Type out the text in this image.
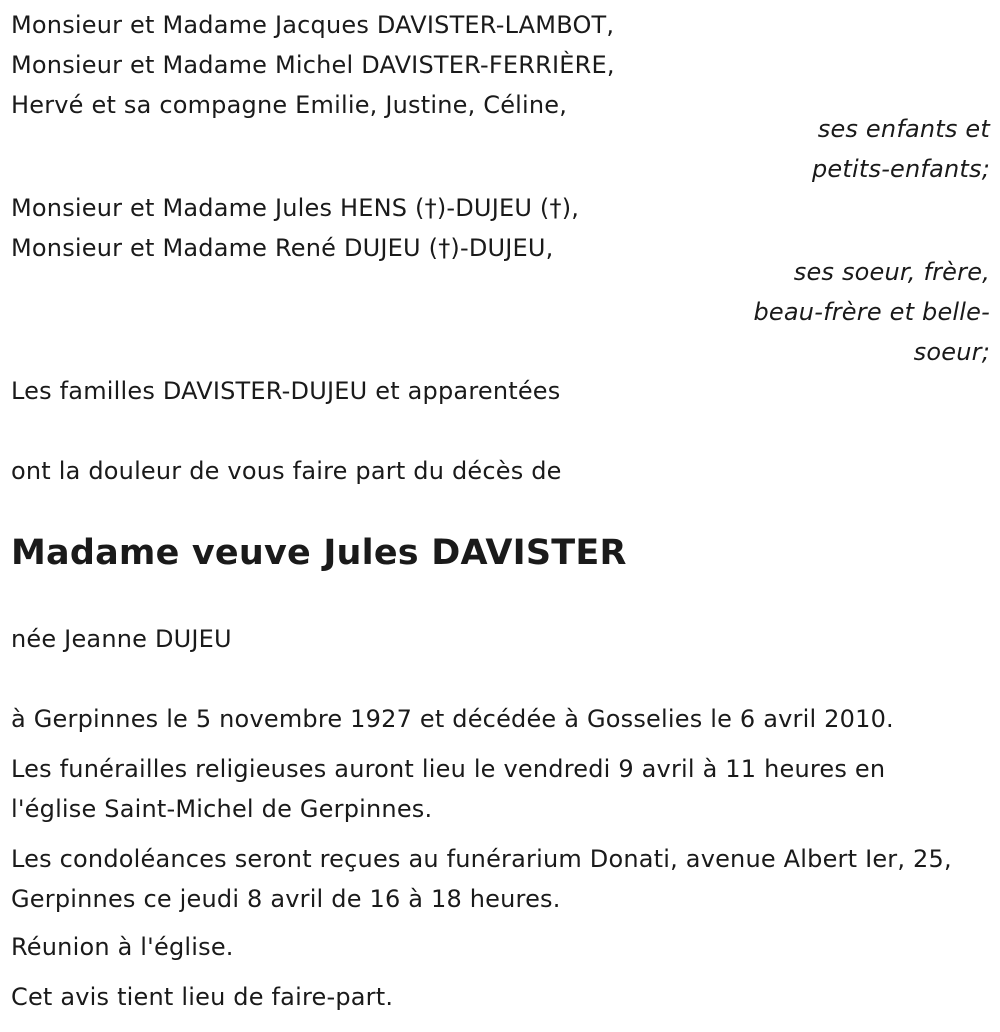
Monsieur et Madame Jacques DAVISTER-LAMBOT,
Monsieur et Madame Michel DAVISTER-FERRIÈRE,
Hervé et sa compagne Emilie, Justine, Céline,
ses enfants et
petits-enfants;
Monsieur et Madame Jules HENS (†)-DUJEU (†),
Monsieur et Madame René DUJEU (†)-DUJEU,
ses soeur, frère,
beau-frère et belle-
soeur;
Les familles DAVISTER-DUJEU et apparentées
ont la douleur de vous faire part du décès de
Madame veuve Jules DAVISTER
née Jeanne DUJEU
à Gerpinnes le 5 novembre 1927 et décédée à Gosselies le 6 avril 2010.
Les funérailles religieuses auront lieu le vendredi 9 avril à 11 heures en l'église Saint-Michel de Gerpinnes.
Les condoléances seront reçues au funérarium Donati, avenue Albert Ier, 25, Gerpinnes ce jeudi 8 avril de 16 à 18 heures.
Réunion à l'église.
Cet avis tient lieu de faire-part.
